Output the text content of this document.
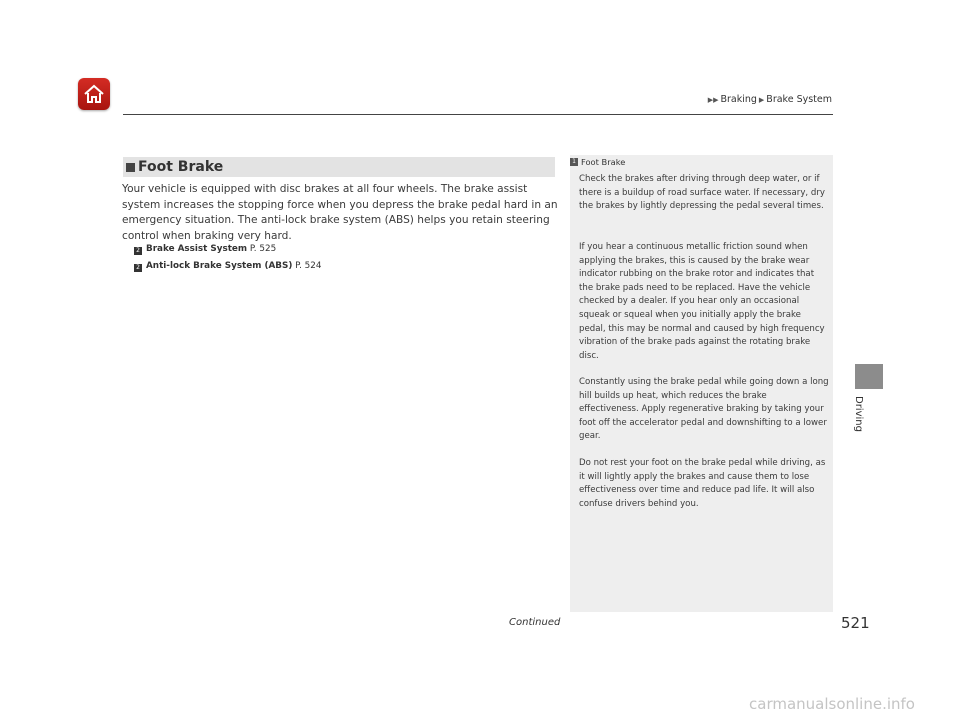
▶▶ Braking ▶ Brake System
Foot Brake
Your vehicle is equipped with disc brakes at all four wheels. The brake assist system increases the stopping force when you depress the brake pedal hard in an emergency situation. The anti-lock brake system (ABS) helps you retain steering control when braking very hard.
2 Brake Assist System P. 525
2 Anti-lock Brake System (ABS) P. 524
1 Foot Brake
Check the brakes after driving through deep water, or if there is a buildup of road surface water. If necessary, dry the brakes by lightly depressing the pedal several times.
If you hear a continuous metallic friction sound when applying the brakes, this is caused by the brake wear indicator rubbing on the brake rotor and indicates that the brake pads need to be replaced. Have the vehicle checked by a dealer. If you hear only an occasional squeak or squeal when you initially apply the brake pedal, this may be normal and caused by high frequency vibration of the brake pads against the rotating brake disc.
Constantly using the brake pedal while going down a long hill builds up heat, which reduces the brake effectiveness. Apply regenerative braking by taking your foot off the accelerator pedal and downshifting to a lower gear.
Do not rest your foot on the brake pedal while driving, as it will lightly apply the brakes and cause them to lose effectiveness over time and reduce pad life. It will also confuse drivers behind you.
Driving
Continued	521
carmanualsonline.info
